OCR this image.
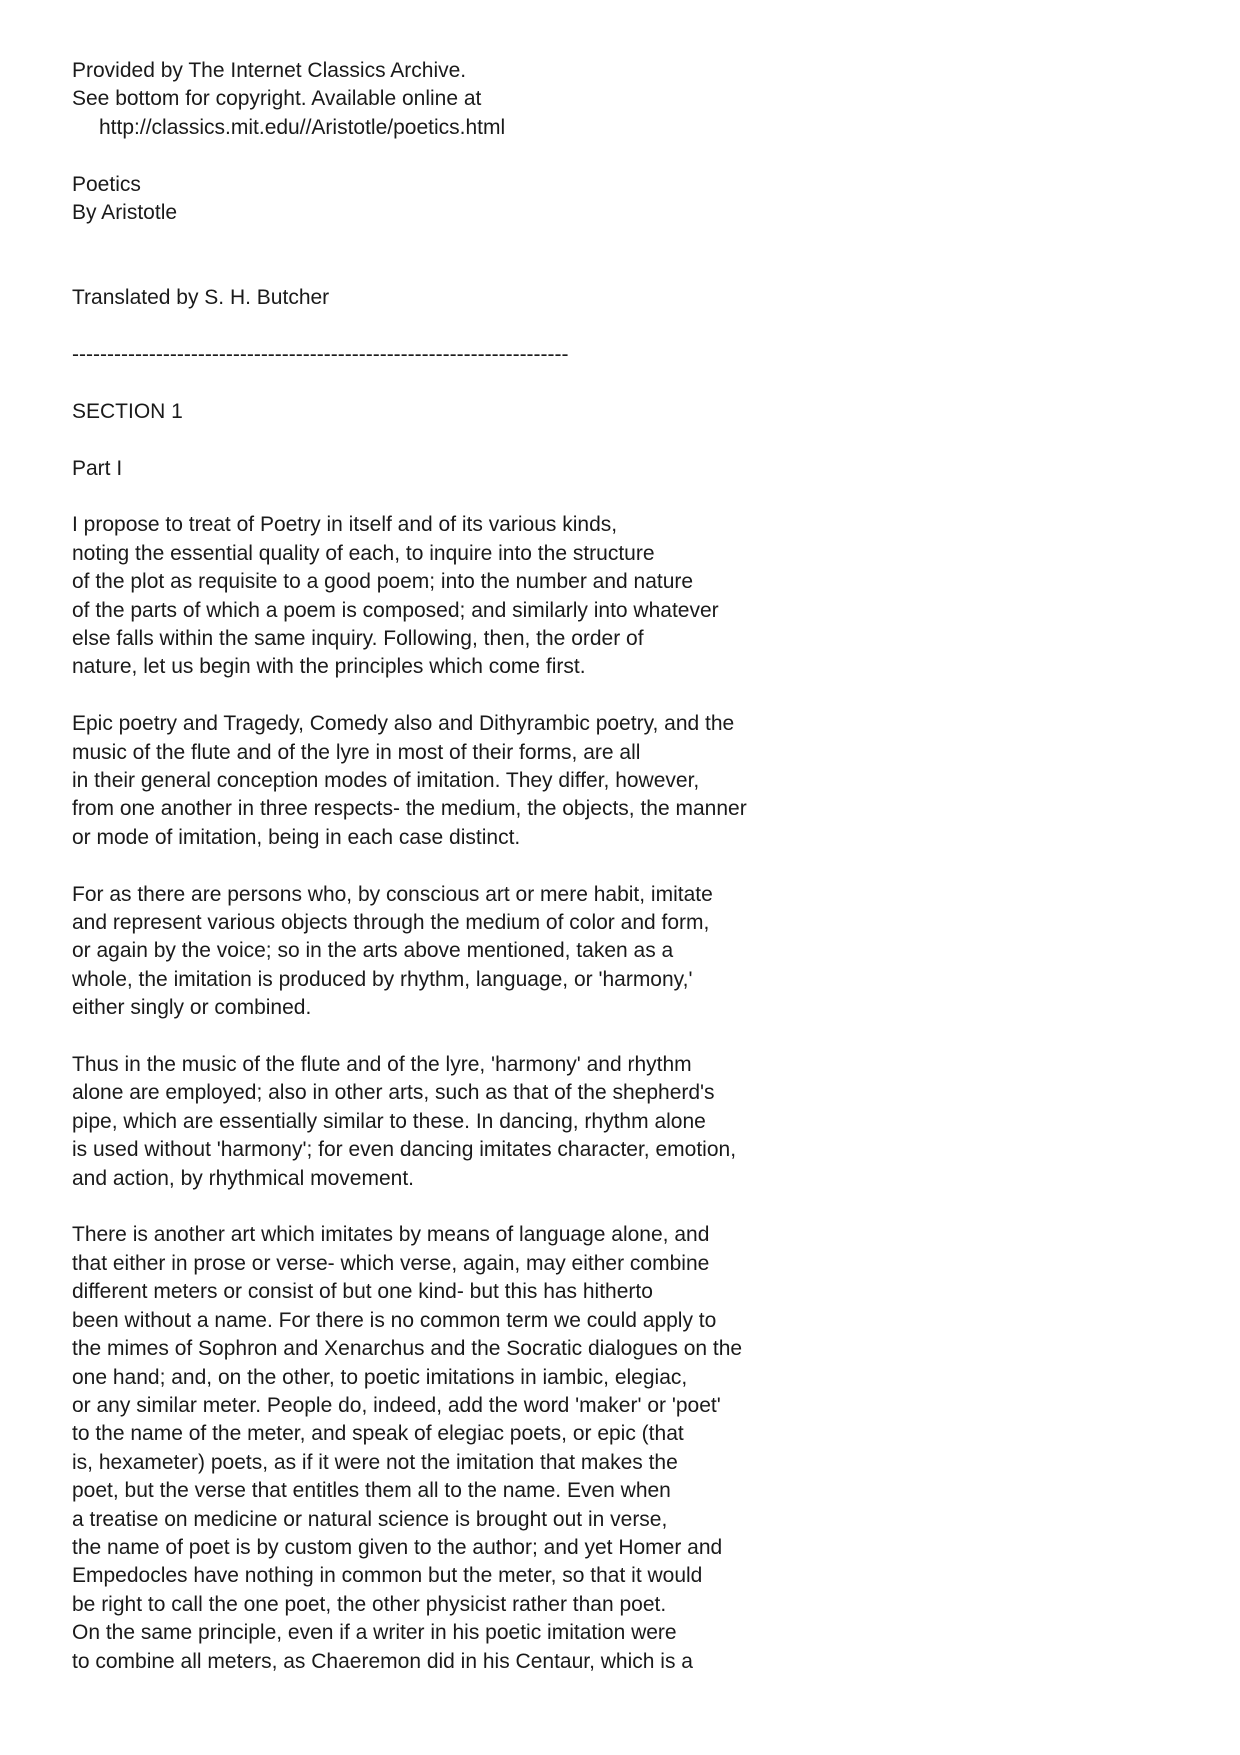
Provided by The Internet Classics Archive.
See bottom for copyright. Available online at
http://classics.mit.edu//Aristotle/poetics.html
Poetics
By Aristotle
Translated by S. H. Butcher
-----------------------------------------------------------------------
SECTION 1
Part I
I propose to treat of Poetry in itself and of its various kinds,
noting the essential quality of each, to inquire into the structure
of the plot as requisite to a good poem; into the number and nature
of the parts of which a poem is composed; and similarly into whatever
else falls within the same inquiry. Following, then, the order of
nature, let us begin with the principles which come first.
Epic poetry and Tragedy, Comedy also and Dithyrambic poetry, and the
music of the flute and of the lyre in most of their forms, are all
in their general conception modes of imitation. They differ, however,
from one another in three respects- the medium, the objects, the manner
or mode of imitation, being in each case distinct.
For as there are persons who, by conscious art or mere habit, imitate
and represent various objects through the medium of color and form,
or again by the voice; so in the arts above mentioned, taken as a
whole, the imitation is produced by rhythm, language, or 'harmony,'
either singly or combined.
Thus in the music of the flute and of the lyre, 'harmony' and rhythm
alone are employed; also in other arts, such as that of the shepherd's
pipe, which are essentially similar to these. In dancing, rhythm alone
is used without 'harmony'; for even dancing imitates character, emotion,
and action, by rhythmical movement.
There is another art which imitates by means of language alone, and
that either in prose or verse- which verse, again, may either combine
different meters or consist of but one kind- but this has hitherto
been without a name. For there is no common term we could apply to
the mimes of Sophron and Xenarchus and the Socratic dialogues on the
one hand; and, on the other, to poetic imitations in iambic, elegiac,
or any similar meter. People do, indeed, add the word 'maker' or 'poet'
to the name of the meter, and speak of elegiac poets, or epic (that
is, hexameter) poets, as if it were not the imitation that makes the
poet, but the verse that entitles them all to the name. Even when
a treatise on medicine or natural science is brought out in verse,
the name of poet is by custom given to the author; and yet Homer and
Empedocles have nothing in common but the meter, so that it would
be right to call the one poet, the other physicist rather than poet.
On the same principle, even if a writer in his poetic imitation were
to combine all meters, as Chaeremon did in his Centaur, which is a
